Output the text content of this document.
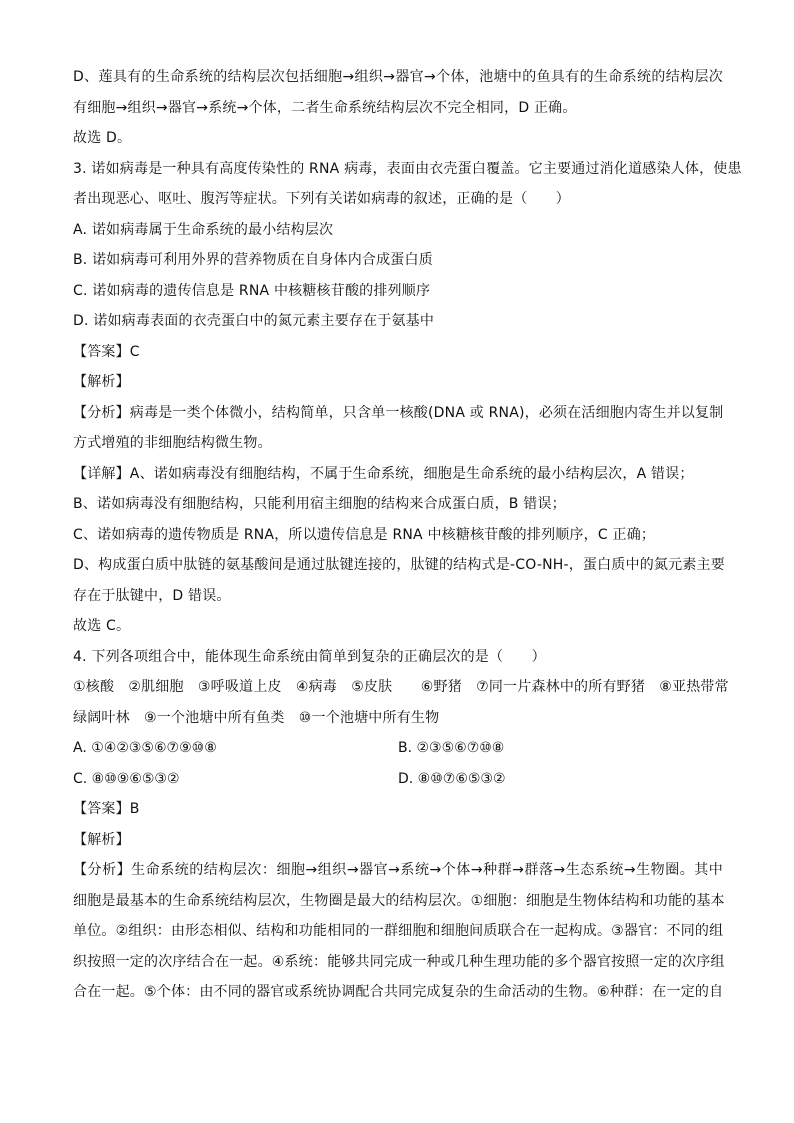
D、莲具有的生命系统的结构层次包括细胞→组织→器官→个体，池塘中的鱼具有的生命系统的结构层次
有细胞→组织→器官→系统→个体，二者生命系统结构层次不完全相同，D 正确。
故选 D。
3. 诺如病毒是一种具有高度传染性的 RNA 病毒，表面由衣壳蛋白覆盖。它主要通过消化道感染人体，使患
者出现恶心、呕吐、腹泻等症状。下列有关诺如病毒的叙述，正确的是（　　）
A. 诺如病毒属于生命系统的最小结构层次
B. 诺如病毒可利用外界的营养物质在自身体内合成蛋白质
C. 诺如病毒的遗传信息是 RNA 中核糖核苷酸的排列顺序
D. 诺如病毒表面的衣壳蛋白中的氮元素主要存在于氨基中
【答案】C
【解析】
【分析】病毒是一类个体微小，结构简单，只含单一核酸(DNA 或 RNA)，必须在活细胞内寄生并以复制
方式增殖的非细胞结构微生物。
【详解】A、诺如病毒没有细胞结构，不属于生命系统，细胞是生命系统的最小结构层次，A 错误；
B、诺如病毒没有细胞结构，只能利用宿主细胞的结构来合成蛋白质，B 错误；
C、诺如病毒的遗传物质是 RNA，所以遗传信息是 RNA 中核糖核苷酸的排列顺序，C 正确；
D、构成蛋白质中肽链的氨基酸间是通过肽键连接的，肽键的结构式是-CO-NH-，蛋白质中的氮元素主要
存在于肽键中，D 错误。
故选 C。
4. 下列各项组合中，能体现生命系统由简单到复杂的正确层次的是（　　）
①核酸　②肌细胞　③呼吸道上皮　④病毒　⑤皮肤　　⑥野猪　⑦同一片森林中的所有野猪　⑧亚热带常
绿阔叶林　⑨一个池塘中所有鱼类　⑩一个池塘中所有生物
A. ①④②③⑤⑥⑦⑨⑩⑧	B. ②③⑤⑥⑦⑩⑧
C. ⑧⑩⑨⑥⑤③②	D. ⑧⑩⑦⑥⑤③②
【答案】B
【解析】
【分析】生命系统的结构层次：细胞→组织→器官→系统→个体→种群→群落→生态系统→生物圈。其中
细胞是最基本的生命系统结构层次，生物圈是最大的结构层次。①细胞：细胞是生物体结构和功能的基本
单位。②组织：由形态相似、结构和功能相同的一群细胞和细胞间质联合在一起构成。③器官：不同的组
织按照一定的次序结合在一起。④系统：能够共同完成一种或几种生理功能的多个器官按照一定的次序组
合在一起。⑤个体：由不同的器官或系统协调配合共同完成复杂的生命活动的生物。⑥种群：在一定的自
